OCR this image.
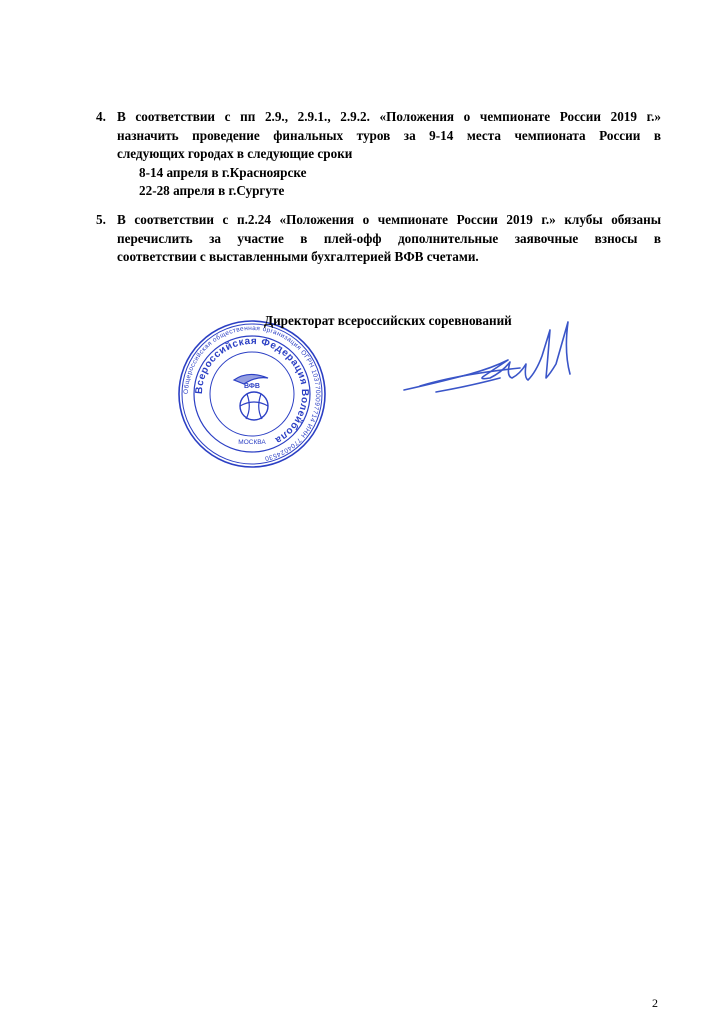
4. В соответствии с пп 2.9., 2.9.1., 2.9.2. «Положения о чемпионате России 2019 г.»
назначить проведение финальных туров за 9-14 места чемпионата России в
следующих городах в следующие сроки
8-14 апреля в г.Красноярске
22-28 апреля в г.Сургуте
5. В соответствии с п.2.24 «Положения о чемпионате России 2019 г.» клубы обязаны
перечислить за участие в плей-офф дополнительные заявочные взносы в
соответствии с выставленными бухгалтерией ВФВ счетами.
Общероссийская общественная организация ОГРН 1037700097714 ИНН 7704024530
Всероссийская Федерация Волейбола
ВФВ
МОСКВА
Директорат всероссийских соревнований
2
